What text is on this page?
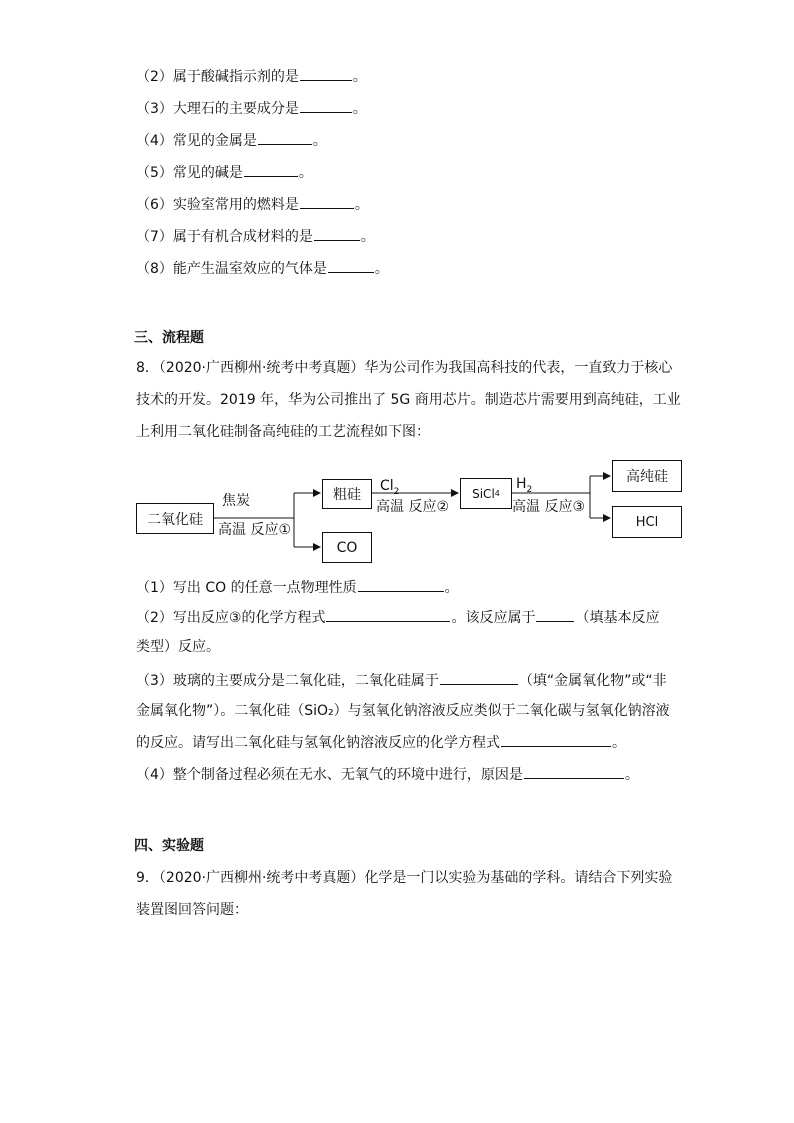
（2）属于酸碱指示剂的是	。
（3）大理石的主要成分是	。
（4）常见的金属是	。
（5）常见的碱是	。
（6）实验室常用的燃料是	。
（7）属于有机合成材料的是	。
（8）能产生温室效应的气体是	。
三、流程题
8．（2020·广西柳州·统考中考真题）华为公司作为我国高科技的代表，一直致力于核心
技术的开发。2019 年，华为公司推出了 5G 商用芯片。制造芯片需要用到高纯硅，工业
上利用二氧化硅制备高纯硅的工艺流程如下图：
二氧化硅
焦炭
高温 反应①
粗硅
CO
$Cl_2$
高温 反应②
SiCl 4
$H_2$
高温 反应③
高纯硅
HCl
（1）写出 CO 的任意一点物理性质	。
（2）写出反应③的化学方程式	。该反应属于	（填基本反应
类型）反应。
（3）玻璃的主要成分是二氧化硅，二氧化硅属于	（填“金属氧化物”或“非
金属氧化物”）。二氧化硅（SiO₂）与氢氧化钠溶液反应类似于二氧化碳与氢氧化钠溶液
的反应。请写出二氧化硅与氢氧化钠溶液反应的化学方程式	。
（4）整个制备过程必须在无水、无氧气的环境中进行，原因是	。
四、实验题
9．（2020·广西柳州·统考中考真题）化学是一门以实验为基础的学科。请结合下列实验
装置图回答问题：
